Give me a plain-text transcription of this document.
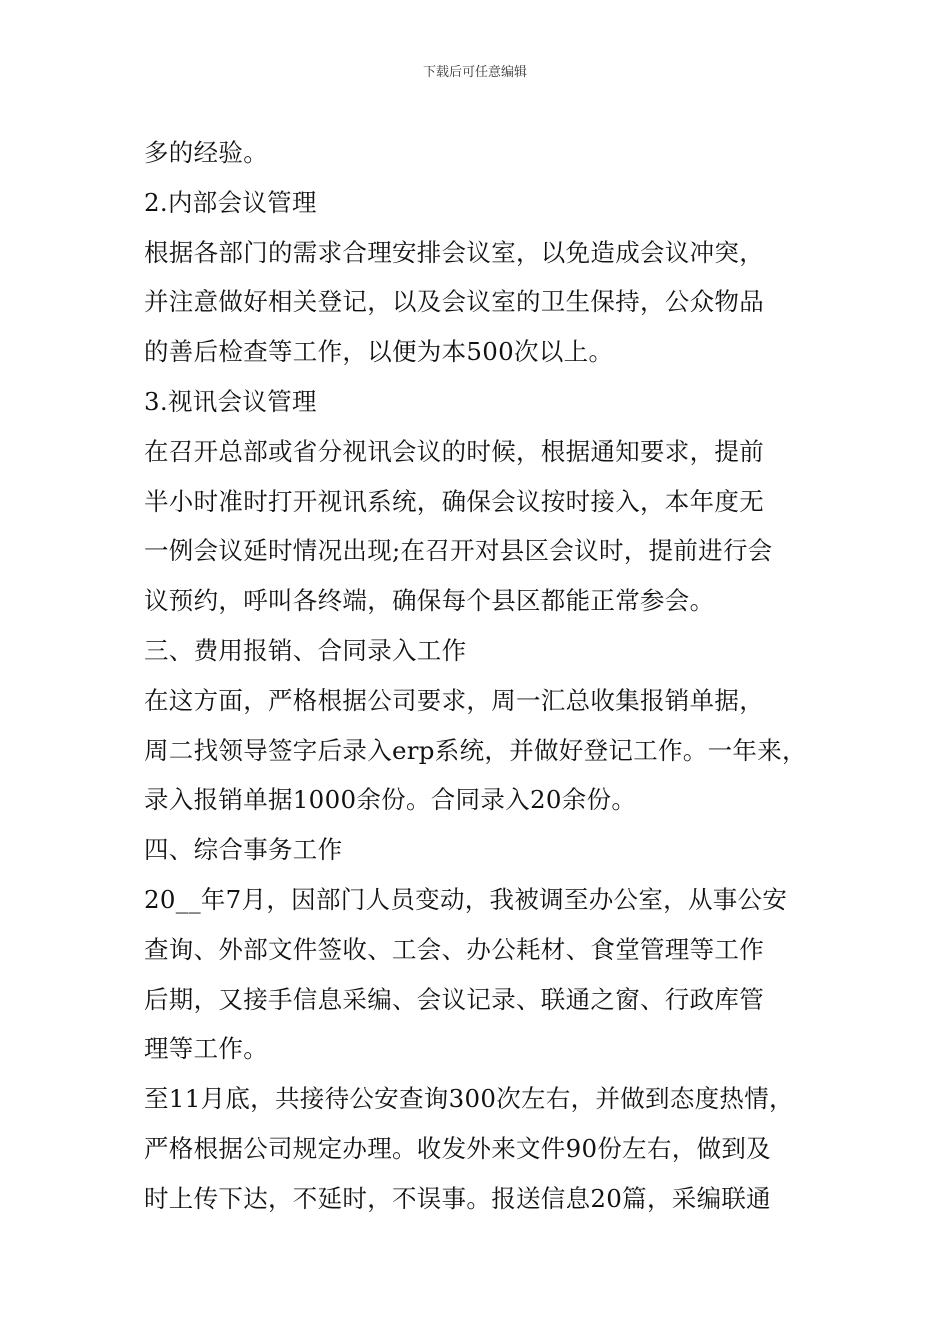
下载后可任意编辑
多的经验。
2.内部会议管理
根据各部门的需求合理安排会议室，以免造成会议冲突，
并注意做好相关登记，以及会议室的卫生保持，公众物品
的善后检查等工作，以便为本500次以上。
3.视讯会议管理
在召开总部或省分视讯会议的时候，根据通知要求，提前
半小时准时打开视讯系统，确保会议按时接入，本年度无
一例会议延时情况出现;在召开对县区会议时，提前进行会
议预约，呼叫各终端，确保每个县区都能正常参会。
三、费用报销、合同录入工作
在这方面，严格根据公司要求，周一汇总收集报销单据，
周二找领导签字后录入erp系统，并做好登记工作。一年来，
录入报销单据1000余份。合同录入20余份。
四、综合事务工作
20__年7月，因部门人员变动，我被调至办公室，从事公安
查询、外部文件签收、工会、办公耗材、食堂管理等工作
后期，又接手信息采编、会议记录、联通之窗、行政库管
理等工作。
至11月底，共接待公安查询300次左右，并做到态度热情，
严格根据公司规定办理。收发外来文件90份左右，做到及
时上传下达，不延时，不误事。报送信息20篇，采编联通
